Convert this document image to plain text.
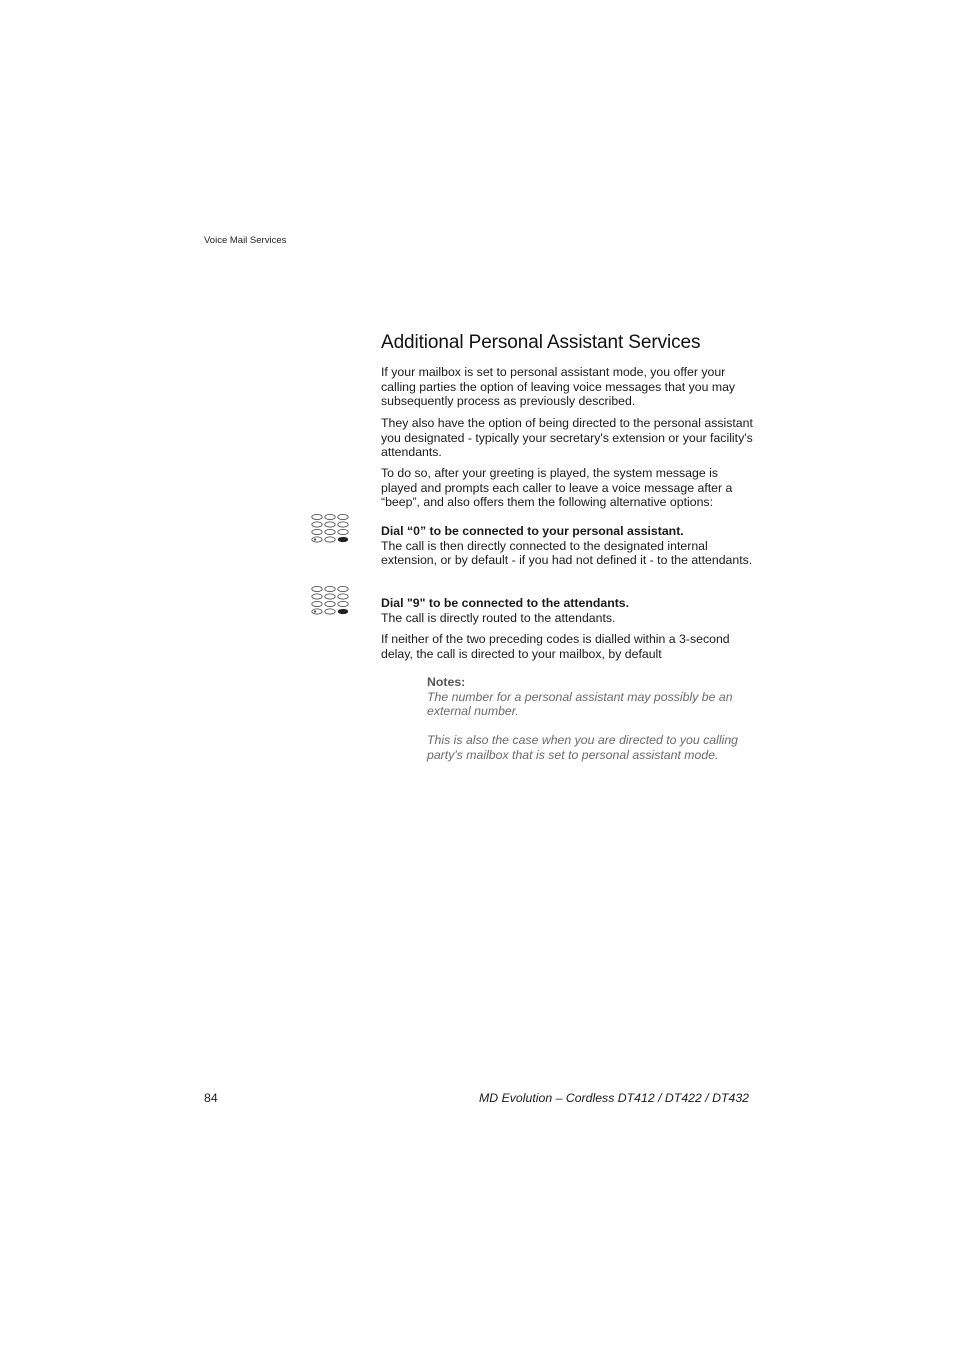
Voice Mail Services
Additional Personal Assistant Services

If your mailbox is set to personal assistant mode, you offer your calling parties the option of leaving voice messages that you may subsequently process as previously described.

They also have the option of being directed to the personal assistant you designated - typically your secretary's extension or your facility's attendants.

To do so, after your greeting is played, the system message is played and prompts each caller to leave a voice message after a “beep”, and also offers them the following alternative options:

Dial “0” to be connected to your personal assistant.
The call is then directly connected to the designated internal extension, or by default - if you had not defined it - to the attendants.
Dial "9" to be connected to the attendants.
The call is directly routed to the attendants.

If neither of the two preceding codes is dialled within a 3-second delay, the call is directed to your mailbox, by default

Notes:
The number for a personal assistant may possibly be an external number.
This is also the case when you are directed to you calling party's mailbox that is set to personal assistant mode.
84	MD Evolution – Cordless DT412 / DT422 / DT432
